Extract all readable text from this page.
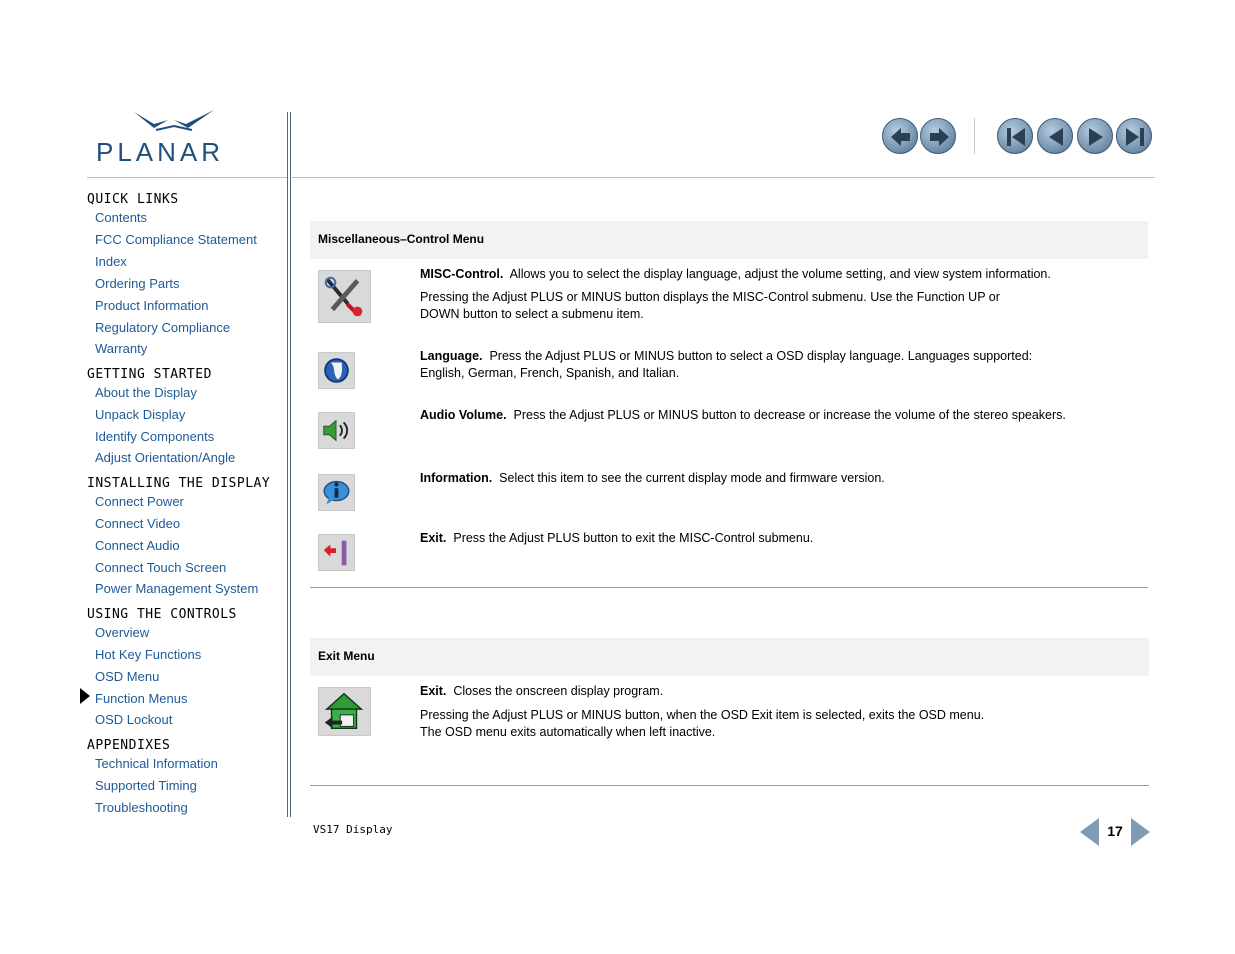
PLANAR
QUICK LINKS
Contents
FCC Compliance Statement
Index
Ordering Parts
Product Information
Regulatory Compliance
Warranty
GETTING STARTED
About the Display
Unpack Display
Identify Components
Adjust Orientation/Angle
INSTALLING THE DISPLAY
Connect Power
Connect Video
Connect Audio
Connect Touch Screen
Power Management System
USING THE CONTROLS
Overview
Hot Key Functions
OSD Menu
Function Menus
OSD Lockout
APPENDIXES
Technical Information
Supported Timing
Troubleshooting
Miscellaneous–Control Menu
MISC-Control. Allows you to select the display language, adjust the volume setting, and view system information.
Pressing the Adjust PLUS or MINUS button displays the MISC-Control submenu. Use the Function UP or
DOWN button to select a submenu item.
Language. Press the Adjust PLUS or MINUS button to select a OSD display language. Languages supported:
English, German, French, Spanish, and Italian.
Audio Volume. Press the Adjust PLUS or MINUS button to decrease or increase the volume of the stereo speakers.
Information. Select this item to see the current display mode and firmware version.
Exit. Press the Adjust PLUS button to exit the MISC-Control submenu.
Exit Menu
Exit. Closes the onscreen display program.
Pressing the Adjust PLUS or MINUS button, when the OSD Exit item is selected, exits the OSD menu.
The OSD menu exits automatically when left inactive.
VS17 Display	17
